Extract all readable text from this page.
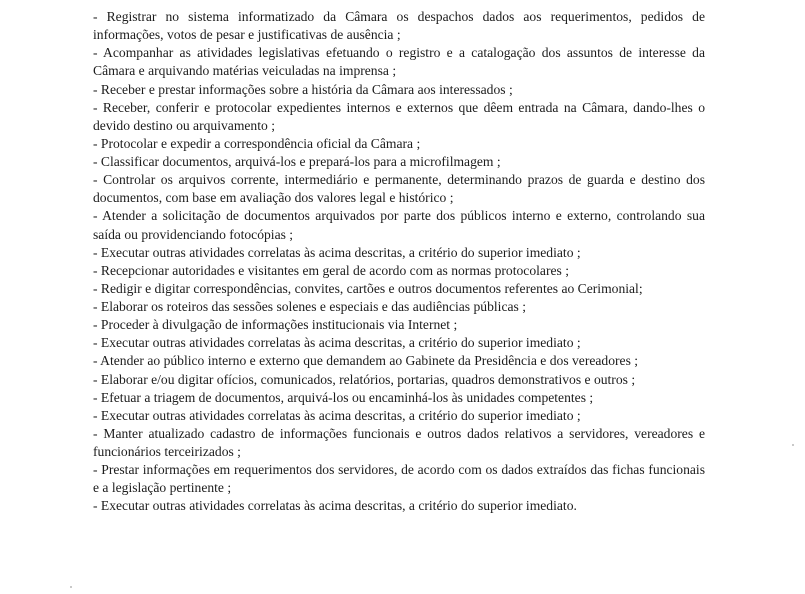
- Registrar no sistema informatizado da Câmara os despachos dados aos requerimentos, pedidos de informações, votos de pesar e justificativas de ausência ;
- Acompanhar as atividades legislativas efetuando o registro e a catalogação dos assuntos de interesse da Câmara e arquivando matérias veiculadas na imprensa ;
- Receber e prestar informações sobre a história da Câmara aos interessados ;
- Receber, conferir e protocolar expedientes internos e externos que dêem entrada na Câmara, dando-lhes o devido destino ou arquivamento ;
- Protocolar e expedir a correspondência oficial da Câmara ;
- Classificar documentos, arquivá-los e prepará-los para a microfilmagem ;
- Controlar os arquivos corrente, intermediário e permanente, determinando prazos de guarda e destino dos documentos, com base em avaliação dos valores legal e histórico ;
- Atender a solicitação de documentos arquivados por parte dos públicos interno e externo, controlando sua saída ou providenciando fotocópias ;
- Executar outras atividades correlatas às acima descritas, a critério do superior imediato ;
- Recepcionar autoridades e visitantes em geral de acordo com as normas protocolares ;
- Redigir e digitar correspondências, convites, cartões e outros documentos referentes ao Cerimonial;
- Elaborar os roteiros das sessões solenes e especiais e das audiências públicas ;
- Proceder à divulgação de informações institucionais via Internet ;
- Executar outras atividades correlatas às acima descritas, a critério do superior imediato ;
- Atender ao público interno e externo que demandem ao Gabinete da Presidência e dos vereadores ;
- Elaborar e/ou digitar ofícios, comunicados, relatórios, portarias, quadros demonstrativos e outros ;
- Efetuar a triagem de documentos, arquivá-los ou encaminhá-los às unidades competentes ;
- Executar outras atividades correlatas às acima descritas, a critério do superior imediato ;
- Manter atualizado cadastro de informações funcionais e outros dados relativos a servidores, vereadores e funcionários terceirizados ;
- Prestar informações em requerimentos dos servidores, de acordo com os dados extraídos das fichas funcionais e a legislação pertinente ;
- Executar outras atividades correlatas às acima descritas, a critério do superior imediato.
